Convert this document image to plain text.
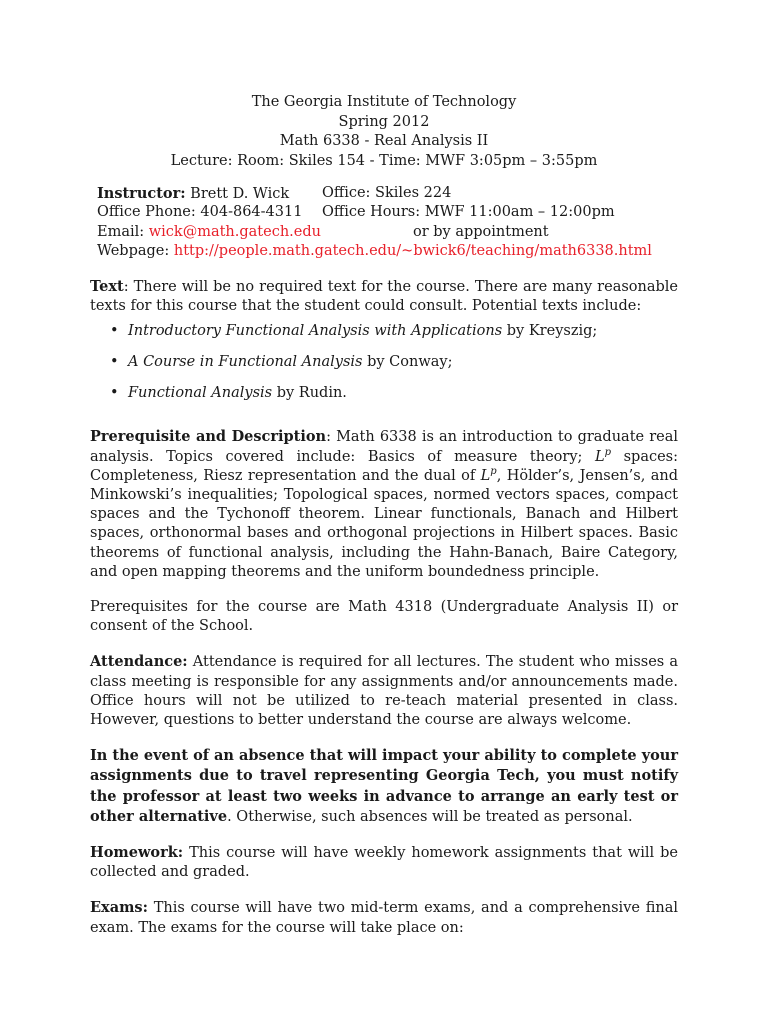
The Georgia Institute of Technology
Spring 2012
Math 6338 - Real Analysis II
Lecture: Room: Skiles 154 - Time: MWF 3:05pm – 3:55pm
Instructor: Brett D. Wick Office: Skiles 224
Office Phone: 404-864-4311 Office Hours: MWF 11:00am – 12:00pm
Email: wick@math.gatech.edu	or by appointment
Webpage: http://people.math.gatech.edu/~bwick6/teaching/math6338.html

Text: There will be no required text for the course. There are many reasonable texts for this course that the student could consult. Potential texts include:

• Introductory Functional Analysis with Applications by Kreyszig;
• A Course in Functional Analysis by Conway;
• Functional Analysis by Rudin.

Prerequisite and Description: Math 6338 is an introduction to graduate real analysis. Topics covered include: Basics of measure theory; $L^p$ spaces: Completeness, Riesz representation and the dual of $L^p$, Hölder’s, Jensen’s, and Minkowski’s inequalities; Topological spaces, normed vectors spaces, compact spaces and the Tychonoff theorem. Linear functionals, Banach and Hilbert spaces, orthonormal bases and orthogonal projections in Hilbert spaces. Basic theorems of functional analysis, including the Hahn-Banach, Baire Category, and open mapping theorems and the uniform boundedness principle.

Prerequisites for the course are Math 4318 (Undergraduate Analysis II) or consent of the School.

Attendance: Attendance is required for all lectures. The student who misses a class meeting is responsible for any assignments and/or announcements made. Office hours will not be utilized to re-teach material presented in class. However, questions to better understand the course are always welcome.

In the event of an absence that will impact your ability to complete your assignments due to travel representing Georgia Tech, you must notify the professor at least two weeks in advance to arrange an early test or other alternative. Otherwise, such absences will be treated as personal.

Homework: This course will have weekly homework assignments that will be collected and graded.

Exams: This course will have two mid-term exams, and a comprehensive final exam. The exams for the course will take place on:
